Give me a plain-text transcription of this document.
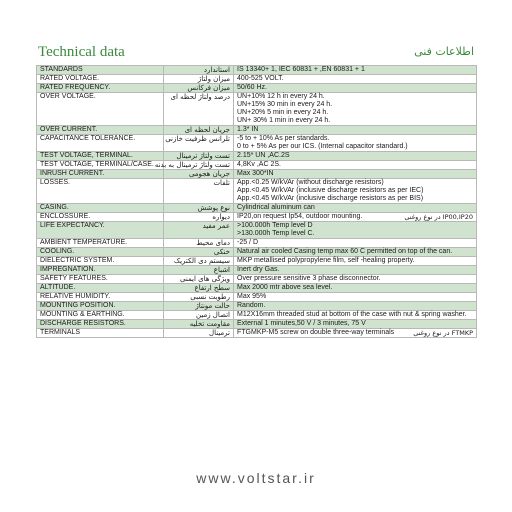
Technical data	اطلاعات فنی
STANDARDS	استاندارد	IS 13340+ 1, IEC 60831 + ,EN 60831 + 1

RATED VOLTAGE.	میزان ولتاژ	400-525 VOLT.

RATED FREQUENCY.	میزان فرکانس	50/60 Hz.

OVER VOLTAGE.	درصد ولتاژ لحظه ای	UN+10% 12 h in every 24 h.
UN+15% 30 min in every 24 h.
UN+20% 5 min in every 24 h.
UN+ 30% 1 min in every 24 h.

OVER CURRENT.	جریان لحظه ای	1.3* IN

CAPACITANCE TOLERANCE.	تلرانس ظرفیت خازنی	-5 to + 10% As per standards.
0 to + 5% As per our ICS. (Internal capacitor standard.)

TEST VOLTAGE, TERMINAL.	تست ولتاژ ترمینال	2.15* UN ,AC.2S

TEST VOLTAGE, TERMINAL/CASE.	تست ولتاژ ترمینال به بدنه	4,8Kv ,AC 2S.

INRUSH CURRENT.	جریان هجومی	Max 300*IN

LOSSES.	تلفات	App.<0.25 W/kVAr (without discharge resistors)
App.<0.45 W/kVAr (inclusive discharge resistors as per IEC)
App.<0.45 W/kVAr (inclusive discharge resistors as per BIS)

CASING.	نوع پوشش	Cylindrical aluminum can

ENCLOSSURE.	دیواره	IP00,IP20 در نوع روغنی
IP20,on request Ip54, outdoor mounting.

LIFE EXPECTANCY.	عمر مفید	>100.000h Temp level D
>130.000h Temp level C.

AMBIENT TEMPERATURE.	دمای محیط	-25 / D

COOLING.	خنکی	Natural air cooled Casing temp max 60 C permitted on top of the can.

DIELECTRIC SYSTEM.	سیستم دی الکتریک	MKP metallised polypropylene film, self -healing property.

IMPREGNATION.	اشباع	Inert dry Gas.

SAFETY FEATURES.	ویژگی های ایمنی	Over pressure sensitive 3 phase disconnector.

ALTITUDE.	سطح ارتفاع	Max 2000 mtr above sea level.

RELATIVE HUMIDITY.	رطوبت نسبی	Max 95%

MOUNTING POSITION.	حالت مونتاژ	Random.

MOUNTING & EARTHING.	اتصال زمین	M12X16mm threaded stud at bottom of the case with nut & spring washer.

DISCHARGE RESISTORS.	مقاومت تخلیه	External 1 minutes,50 V / 3 minutes, 75 V

TERMINALS	ترمینال	FTMKP در نوع روغنی
FTGMKP-M5 screw on double three-way terminals
www.voltstar.ir
